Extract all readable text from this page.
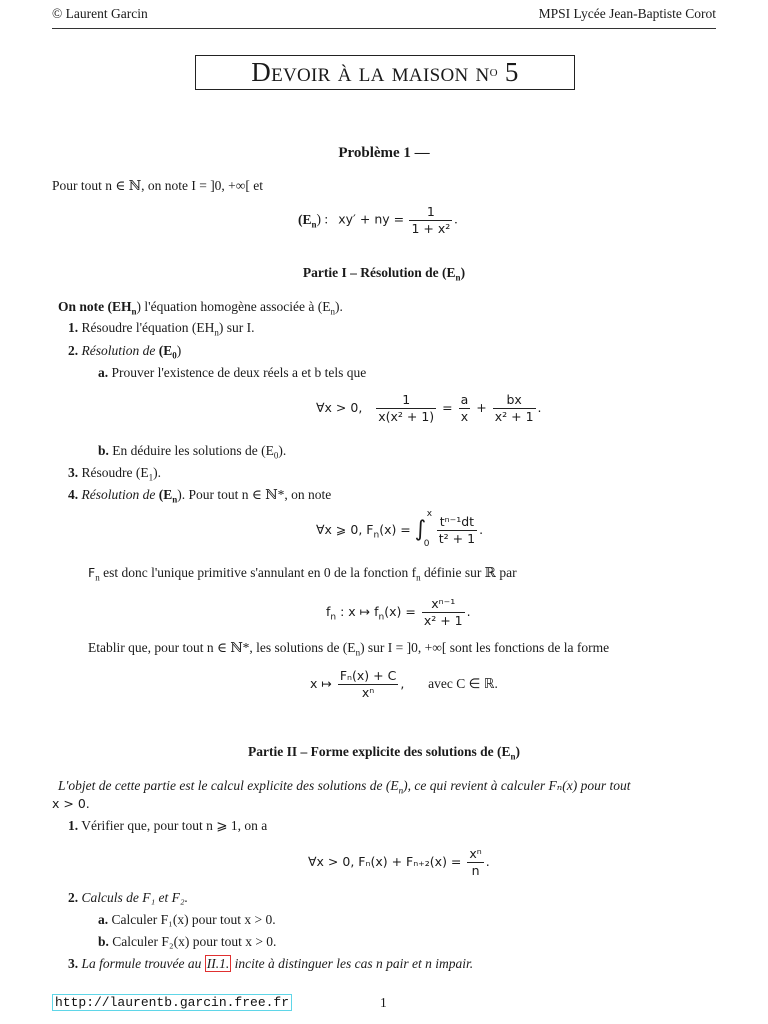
© Laurent Garcin	MPSI Lycée Jean-Baptiste Corot
Devoir à la maison n o
5
Problème 1 —
Pour tout n ∈ ℕ, on note I = ]0, +∞[ et
$(E_n)$ : xy′ + ny = $\frac{1}{\text{1 + x²}}$ .
Partie I – Résolution de $(E_n)$
On note $(EH_n)$ l'équation homogène associée à $(E_n)$.
1. Résoudre l'équation $(EH_n)$ sur I.
2. Résolution de $(E_0)$
a. Prouver l'existence de deux réels a et b tels que
∀x > 0, $\frac{1}{\text{x(x² + 1)}} = \frac{a}{x} + \frac{bx}{\text{x² + 1}}$ .
b. En déduire les solutions de $(E_0)$.
3. Résoudre $(E_1)$.
4. Résolution de $(E_n)$. Pour tout n ∈ ℕ*, on note
∀x ⩾ 0, $F_n(x)$ = ∫
x
0
$\frac{\text{tⁿ⁻¹dt}}{\text{t² + 1}}$ .
$F_n$ est donc l'unique primitive s'annulant en 0 de la fonction $f_n$ définie sur ℝ par
$f_n$ : x ↦ $f_n(x) = \frac{\text{xⁿ⁻¹}}{\text{x² + 1}}$ .
Etablir que, pour tout n ∈ ℕ*, les solutions de $(E_n)$ sur I = ]0, +∞[ sont les fonctions de la forme
x ↦ $\frac{\text{Fₙ(x) + C}}{\text{xⁿ}}$ , avec C ∈ ℝ.
Partie II – Forme explicite des solutions de $(E_n)$
L'objet de cette partie est le calcul explicite des solutions de $(E_n)$, ce qui revient à calculer Fₙ(x) pour tout
x > 0.
1. Vérifier que, pour tout n ⩾ 1, on a
∀x > 0, $F_n(x) + F_{n+2}(x) = \frac{\text{xⁿ}}{n}$ .
2. Calculs de F₁ et F₂.
a. Calculer F₁(x) pour tout x > 0.
b. Calculer F₂(x) pour tout x > 0.
3. La formule trouvée au II.1. incite à distinguer les cas n pair et n impair.
http://laurentb.garcin.free.fr	1
